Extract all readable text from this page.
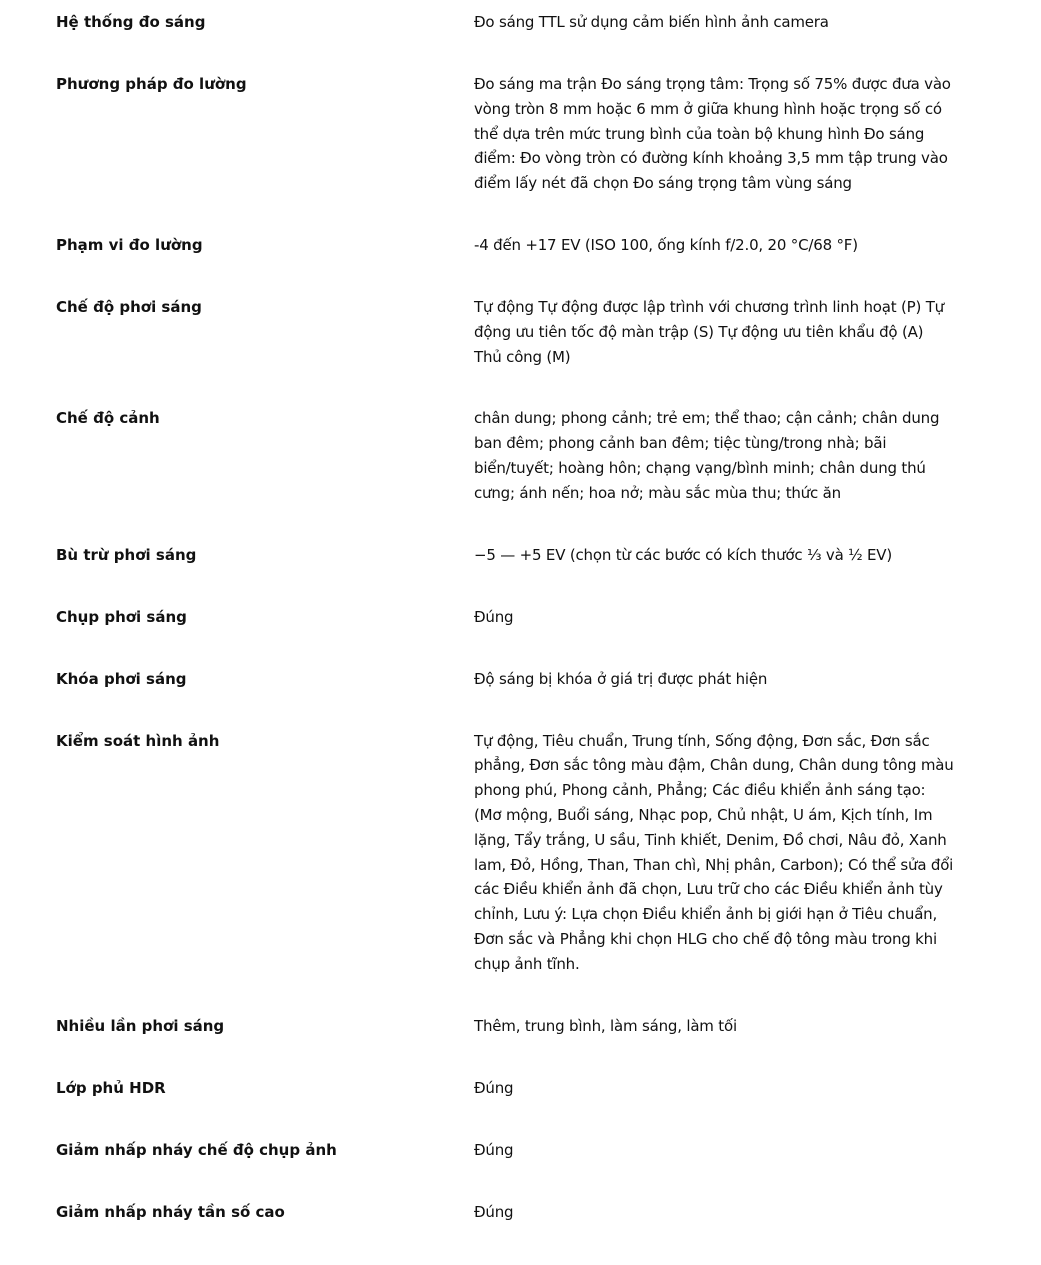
Hệ thống đo sáng	Đo sáng TTL sử dụng cảm biến hình ảnh camera
Phương pháp đo lường	Đo sáng ma trận Đo sáng trọng tâm: Trọng số 75% được đưa vào vòng tròn 8 mm hoặc 6 mm ở giữa khung hình hoặc trọng số có thể dựa trên mức trung bình của toàn bộ khung hình Đo sáng điểm: Đo vòng tròn có đường kính khoảng 3,5 mm tập trung vào điểm lấy nét đã chọn Đo sáng trọng tâm vùng sáng
Phạm vi đo lường	-4 đến +17 EV (ISO 100, ống kính f/2.0, 20 °C/68 °F)
Chế độ phơi sáng	Tự động Tự động được lập trình với chương trình linh hoạt (P) Tự động ưu tiên tốc độ màn trập (S) Tự động ưu tiên khẩu độ (A) Thủ công (M)
Chế độ cảnh	chân dung; phong cảnh; trẻ em; thể thao; cận cảnh; chân dung ban đêm; phong cảnh ban đêm; tiệc tùng/trong nhà; bãi biển/tuyết; hoàng hôn; chạng vạng/bình minh; chân dung thú cưng; ánh nến; hoa nở; màu sắc mùa thu; thức ăn
Bù trừ phơi sáng	−5 — +5 EV (chọn từ các bước có kích thước ⅓ và ½ EV)
Chụp phơi sáng	Đúng
Khóa phơi sáng	Độ sáng bị khóa ở giá trị được phát hiện
Kiểm soát hình ảnh	Tự động, Tiêu chuẩn, Trung tính, Sống động, Đơn sắc, Đơn sắc phẳng, Đơn sắc tông màu đậm, Chân dung, Chân dung tông màu phong phú, Phong cảnh, Phẳng; Các điều khiển ảnh sáng tạo: (Mơ mộng, Buổi sáng, Nhạc pop, Chủ nhật, U ám, Kịch tính, Im lặng, Tẩy trắng, U sầu, Tinh khiết, Denim, Đồ chơi, Nâu đỏ, Xanh lam, Đỏ, Hồng, Than, Than chì, Nhị phân, Carbon); Có thể sửa đổi các Điều khiển ảnh đã chọn, Lưu trữ cho các Điều khiển ảnh tùy chỉnh, Lưu ý: Lựa chọn Điều khiển ảnh bị giới hạn ở Tiêu chuẩn, Đơn sắc và Phẳng khi chọn HLG cho chế độ tông màu trong khi chụp ảnh tĩnh.
Nhiều lần phơi sáng	Thêm, trung bình, làm sáng, làm tối
Lớp phủ HDR	Đúng
Giảm nhấp nháy chế độ chụp ảnh	Đúng
Giảm nhấp nháy tần số cao	Đúng
